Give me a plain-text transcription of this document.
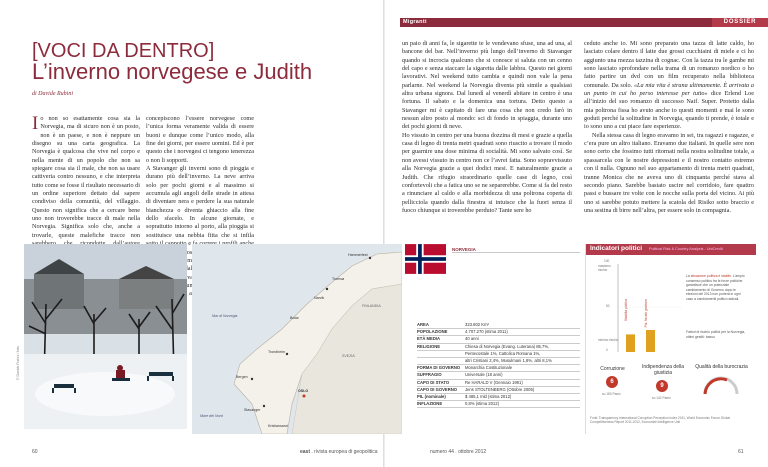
Migranti	DOSSIER
[VOCI DA DENTRO]
L’inverno norvegese e Judith
di Davide Rubini

Io non so esattamente cosa sia la Norvegia, ma di sicuro non è un posto, non è un paese, e non è neppure un disegno su una carta geografica. La Norvegia è qualcosa che vive nel corpo e nella mente di un popolo che non sa spiegare cosa sia il male, che non sa usare cattiveria contro nessuno, e che interpreta tutto come se fosse il risultato necessario di un ordine superiore dettato dal sapere condiviso della comunità, del villaggio. Questo non significa che a cercare bene uno non troverebbe tracce di male nella Norvegia. Significa solo che, anche a trovarle, queste malefiche tracce non

concepiscono l’essere norvegese come l’unica forma veramente valida di essere buoni e dunque come l’unico modo, alla fine dei giorni, per essere uomini. Ed è per questo che i norvegesi ci tengono tenerezza o non li sopporti.
A Stavanger gli inverni sono di pioggia e durano più dell’inverno. La neve arriva solo per pochi giorni e al massimo si accumula agli angoli delle strade in attesa di diventare nera e perdere la sua naturale bianchezza o diventa ghiaccio alla fine dello sfacelo. In alcune giornate, e soprattutto intorno al porto, alla pioggia si sostituisce una nebbia fitta che si infila e dalla fuma

un paio di anni fa, le sigarette te le vendevano sfuse, una ad una, al bancone del bar. Nell’inverno più lungo dell’inverno di Stavanger quando si incrocia qualcuno che si conosce si saluta con un cenno del capo e senza staccare la sigaretta dalle labbra. Questo nei giorni lavorativi. Nel weekend tutto cambia e quindi non vale la pena parlarne. Nel weekend la Norvegia diventa più simile a qualsiasi altra urbana signora. Dal lunedì al venerdì abitare in centro è una fortuna. Il sabato e la domenica una tortura. Detto questo a Stavanger mi è capitato di fare una cosa che non credo farò in nessun altro posto al mondo: sci di fondo in spiaggia, durante uno dei pochi giorni di neve.
Ho vissuto in centro per una buona dozzina di mesi e grazie a quella casa di legno di trenta metri quadrati sono riuscito a trovare il modo per guarnire una dose minima di socialità. Mi sono salvato così. Se non avessi vissuto in centro non ce l’avrei fatta. Sono sopravvissuto alla Norvegia grazie a quei dodici mesi. E naturalmente grazie a Judith. Che rifugio straordinario quelle case di legno, così confortevoli che a fatica uno se ne separerebbe. Come si fa del resto a rinunciare al caldo e alla morbidezza di una poltrona coperta di pellicciola quando dalla finestra si intuisce che la fuori senza il fuoco chiunque si troverebbe perduto? Tante sere ho

ceduto anche io. Mi sono preparato una tazza di latte caldo, ho lasciato colare dentro il latte due grossi cucchiaini di miele e ci ho aggiunto una mezza tazzina di cognac. Con la tazza tra le gambe mi sono lasciato sprofondare nella trama di un romanzo nordico o ho fatto partire un dvd con un film recuperato nella biblioteca comunale. Da solo. «La mia vita è strana ultimamente. È arrivata a un punto in cui ho perso interesse per tutto» dice Erlend Loe all’inizio del suo romanzo di successo Naif. Super. Protetto dalla mia poltrona fissa ho avuto anche io questi momenti e mai le sono goduti perché la solitudine in Norvegia, quando ti prende, è totale e io sono uno a cui piace fare esperienze.

Nella stessa casa di legno eravamo in sei, tra ragazzi e ragazze, e c’era pure un altro italiano. Eravamo due italiani. In quelle sere non sono certo che fossimo tutti ritornati nella nostra solitudine totale, a spassarcela con le nostre depressioni e il nostro contatto estremo con il nulla. Ognuno nel suo appartamento di trenta metri quadrati, tranne Monica che ne aveva uno di cinquanta perché stava al secondo piano. Sarebbe bastato uscire nel corridoio, fare quattro passi e bussare tre volte con le nocche sulla porta del vicino. Ai più uno si sarebbe potuto mettere la scatola del Risiko sotto braccio e una sestina di birre nell’altra, per essere solo in compagnia.

© Davide Rubini / foto
Hammerfest
Tromsø
Narvik
Bodø
Trondheim
Bergen
OSLO
Stavanger
Kristiansand
Mar di Norvegia
SVEZIA
FINLANDIA
Mare del Nord
NORVEGIA
AREA	323.802 Km²
POPOLAZIONE	4.707.270 (stima 2011)
ETÀ MEDIA	40 anni
RELIGIONE	Chiesa di Norvegia (Evang. Luterana) 85,7%,
Pentecostale 1%, Cattolica Romana 1%,
altri Cristiani 2,4%, Musulmani 1,8%, altri 8,1%
FORMA DI GOVERNO	Monarchia Costituzionale
SUFFRAGIO	Universale (18 anni)
CAPO DI STATO	Re HARALD V (Gennaio 1991)
CAPO DI GOVERNO	Jens STOLTENBERG (Ottobre 2005)
PIL (nominale)	$ 485,1 mld (stima 2012)
INFLAZIONE	0,8% (stima 2012)
Indicatori politici Political Risk & Country Analysis - UniCredit
100
massimo rischio
50
0
minimo rischio
Stabilità politica	Pol. fiscale gestione
La situazione politica è stabile. L’ampio consenso politico fra le forze politiche garantisce che un potenziale cambiamento di Governo dopo le elezioni del 2013 non porterà in ogni caso a cambiamenti politici radicali.
Fattori di rischio politici per la Norvegia, ottimi gestiti: basso
Corruzione
6
su 183 Paesi
Indipendenza della giustizia
9
su 142 Paesi
Qualità della burocrazia
Fonti: Transparency International Corruption Perception Index 2011, World Economic Forum Global Competitiveness Report 2011-2012, Economist Intelligence Unit
60	east . rivista europea di geopolitica	numero 44 . ottobre 2012	61
